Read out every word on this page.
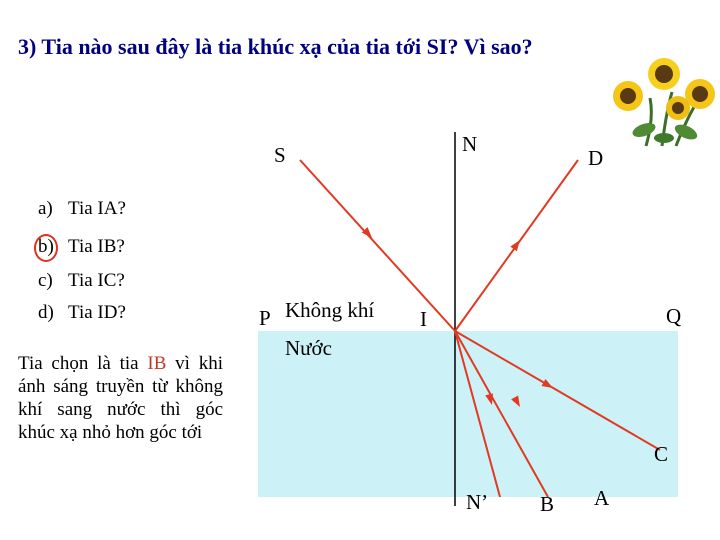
3) Tia nào sau đây là tia khúc xạ của tia tới SI? Vì sao?
a) Tia IA?
b) Tia IB?
c) Tia IC?
d) Tia ID?
Tia chọn là tia IB vì khi ánh sáng truyền từ không khí sang nước thì góc khúc xạ nhỏ hơn góc tới
S	N
D
P Không khí
Nước
I	Q
C
N’ B A
